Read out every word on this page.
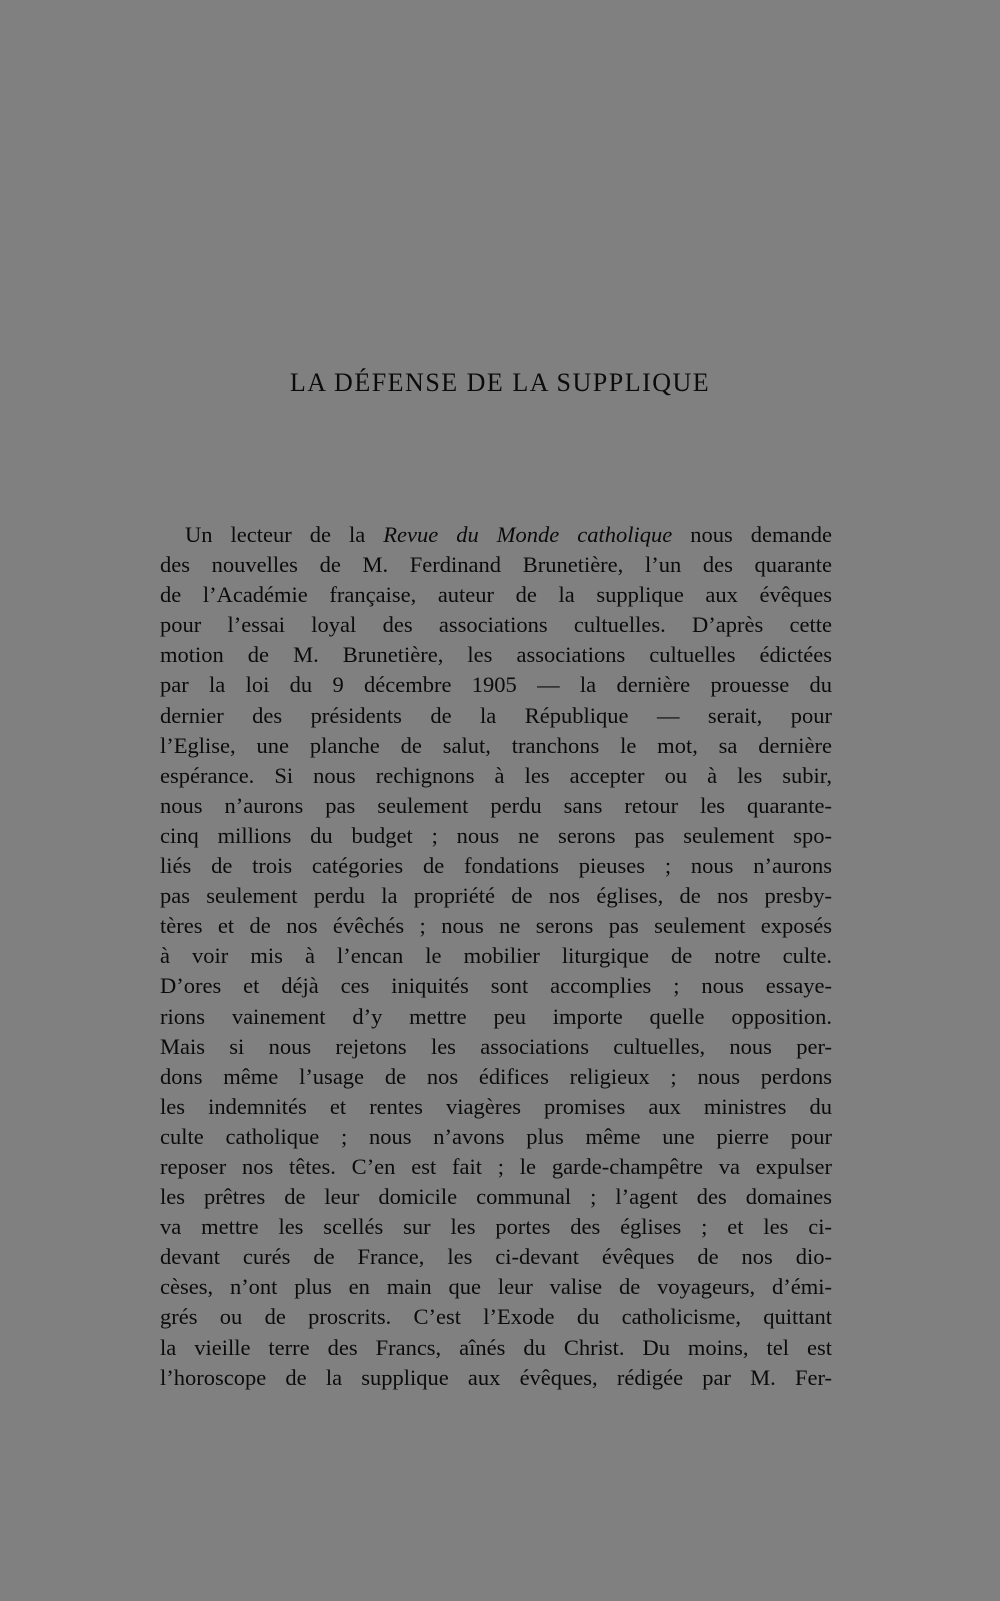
LA DÉFENSE DE LA SUPPLIQUE
Un lecteur de la Revue du Monde catholique nous demande
des nouvelles de M. Ferdinand Brunetière, l’un des quarante
de l’Académie française, auteur de la supplique aux évêques
pour l’essai loyal des associations cultuelles. D’après cette
motion de M. Brunetière, les associations cultuelles édictées
par la loi du 9 décembre 1905 — la dernière prouesse du
dernier des présidents de la République — serait, pour
l’Eglise, une planche de salut, tranchons le mot, sa dernière
espérance. Si nous rechignons à les accepter ou à les subir,
nous n’aurons pas seulement perdu sans retour les quarante-
cinq millions du budget ; nous ne serons pas seulement spo-
liés de trois catégories de fondations pieuses ; nous n’aurons
pas seulement perdu la propriété de nos églises, de nos presby-
tères et de nos évêchés ; nous ne serons pas seulement exposés
à voir mis à l’encan le mobilier liturgique de notre culte.
D’ores et déjà ces iniquités sont accomplies ; nous essaye-
rions vainement d’y mettre peu importe quelle opposition.
Mais si nous rejetons les associations cultuelles, nous per-
dons même l’usage de nos édifices religieux ; nous perdons
les indemnités et rentes viagères promises aux ministres du
culte catholique ; nous n’avons plus même une pierre pour
reposer nos têtes. C’en est fait ; le garde-champêtre va expulser
les prêtres de leur domicile communal ; l’agent des domaines
va mettre les scellés sur les portes des églises ; et les ci-
devant curés de France, les ci-devant évêques de nos dio-
cèses, n’ont plus en main que leur valise de voyageurs, d’émi-
grés ou de proscrits. C’est l’Exode du catholicisme, quittant
la vieille terre des Francs, aînés du Christ. Du moins, tel est
l’horoscope de la supplique aux évêques, rédigée par M. Fer-
